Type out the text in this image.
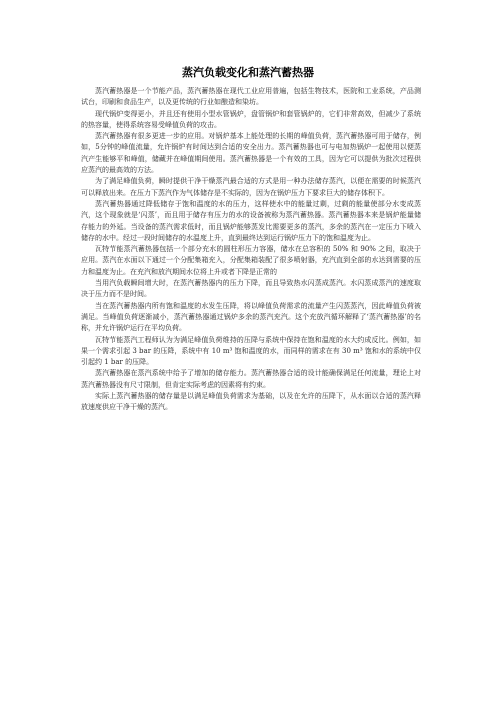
蒸汽负载变化和蒸汽蓄热器

蒸汽蓄热器是一个节能产品，蒸汽蓄热器在现代工业应用普遍，包括生物技术，医院和工业系统，产品测试台，印刷和食品生产，以及更传统的行业如酿造和染坊。

现代锅炉变得更小，并且还有使用小型水管锅炉，盘管锅炉和套管锅炉的，它们非常高效，但减少了系统的热容量，使得系统容易受峰值负荷的攻击。

蒸汽蓄热器有很多更进一步的应用。对锅炉基本上能处理的长期的峰值负荷，蒸汽蓄热器可用于储存，例如，5分钟的峰值流量，允许锅炉有时间达到合适的安全出力。蒸汽蓄热器也可与电加热锅炉一起使用以便蒸汽产生能够平和峰值，储藏并在峰值期间使用。蒸汽蓄热器是一个有效的工具，因为它可以提供为批次过程供应蒸汽的最高效的方法。

为了满足峰值负荷，瞬时提供干净干燥蒸汽最合适的方式是用一种办法储存蒸汽，以便在需要的时候蒸汽可以释放出来。在压力下蒸汽作为气体储存是不实际的，因为在锅炉压力下要求巨大的储存体积下。

蒸汽蓄热器通过降低储存于饱和温度的水的压力，这样使水中的能量过剩，过剩的能量使部分水变成蒸汽，这个现象就是‘闪蒸’，而且用于储存有压力的水的设备被称为蒸汽蓄热器。蒸汽蓄热器本来是锅炉能量储存能力的外延。当设备的蒸汽需求低时，而且锅炉能够蒸发比需要更多的蒸汽，多余的蒸汽在一定压力下喷入储存的水中。经过一段时间储存的水温度上升，直到最终达到运行锅炉压力下的饱和温度为止。

瓦特节能蒸汽蓄热器包括一个部分充水的圆柱形压力容器，储水在总容积的 50% 和 90% 之间，取决于应用。蒸汽在水面以下通过一个分配集箱充入，分配集箱装配了很多喷射器，充汽直到全部的水达到需要的压力和温度为止。在充汽和放汽期间水位将上升或者下降是正常的

当用汽负载瞬间增大时，在蒸汽蓄热器内的压力下降，而且导致热水闪蒸成蒸汽。水闪蒸成蒸汽的速度取决于压力而不是时间。

当在蒸汽蓄热器内所有饱和温度的水发生压降，将以峰值负荷需求的流量产生闪蒸蒸汽，因此峰值负荷被满足。当峰值负荷逐渐减小，蒸汽蓄热器通过锅炉多余的蒸汽充汽。这个充放汽循环解释了‘蒸汽蓄热器’的名称，并允许锅炉运行在平均负荷。

瓦特节能蒸汽工程师认为为满足峰值负荷维持的压降与系统中保持在饱和温度的水大约成反比。例如，如果一个需求引起 3 bar 的压降，系统中有 10 m³ 饱和温度的水，而同样的需求在有 30 m³ 饱和水的系统中仅引起约 1 bar 的压降。

蒸汽蓄热器在蒸汽系统中给予了增加的储存能力。蒸汽蓄热器合适的设计能确保满足任何流量，理论上对蒸汽蓄热器没有尺寸限制，但肯定实际考虑的因素将有约束。

实际上蒸汽蓄热器的储存量是以满足峰值负荷需求为基础，以及在允许的压降下，从水面以合适的蒸汽释放速度供应干净干燥的蒸汽。
